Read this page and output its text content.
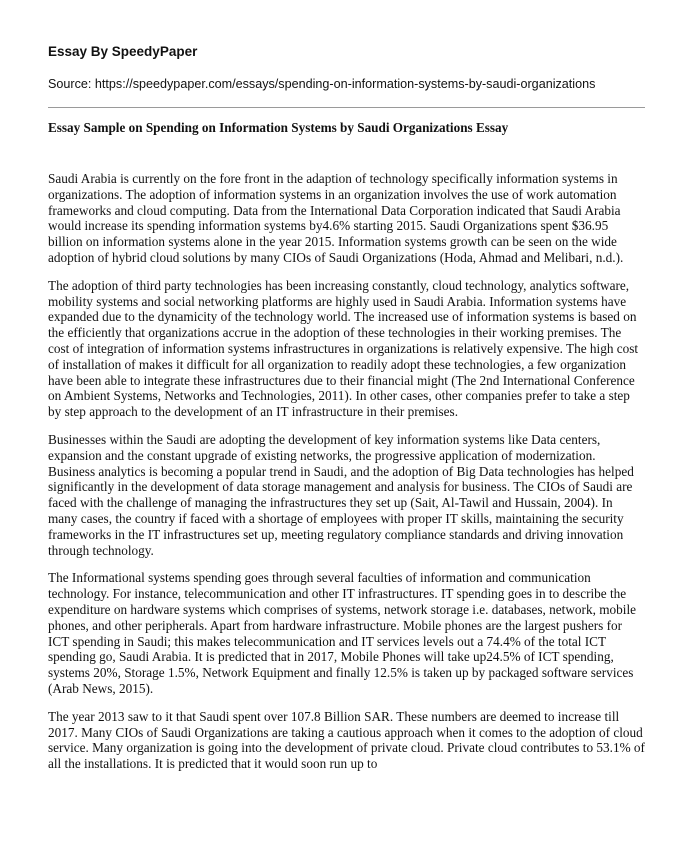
Essay By SpeedyPaper
Source: https://speedypaper.com/essays/spending-on-information-systems-by-saudi-organizations
Essay Sample on Spending on Information Systems by Saudi Organizations Essay

Saudi Arabia is currently on the fore front in the adaption of technology specifically information systems in organizations. The adoption of information systems in an organization involves the use of work automation frameworks and cloud computing. Data from the International Data Corporation indicated that Saudi Arabia would increase its spending information systems by4.6% starting 2015. Saudi Organizations spent $36.95 billion on information systems alone in the year 2015. Information systems growth can be seen on the wide adoption of hybrid cloud solutions by many CIOs of Saudi Organizations (Hoda, Ahmad and Melibari, n.d.).

The adoption of third party technologies has been increasing constantly, cloud technology, analytics software, mobility systems and social networking platforms are highly used in Saudi Arabia. Information systems have expanded due to the dynamicity of the technology world. The increased use of information systems is based on the efficiently that organizations accrue in the adoption of these technologies in their working premises. The cost of integration of information systems infrastructures in organizations is relatively expensive. The high cost of installation of makes it difficult for all organization to readily adopt these technologies, a few organization have been able to integrate these infrastructures due to their financial might (The 2nd International Conference on Ambient Systems, Networks and Technologies, 2011). In other cases, other companies prefer to take a step by step approach to the development of an IT infrastructure in their premises.

Businesses within the Saudi are adopting the development of key information systems like Data centers, expansion and the constant upgrade of existing networks, the progressive application of modernization. Business analytics is becoming a popular trend in Saudi, and the adoption of Big Data technologies has helped significantly in the development of data storage management and analysis for business. The CIOs of Saudi are faced with the challenge of managing the infrastructures they set up (Sait, Al-Tawil and Hussain, 2004). In many cases, the country if faced with a shortage of employees with proper IT skills, maintaining the security frameworks in the IT infrastructures set up, meeting regulatory compliance standards and driving innovation through technology.

The Informational systems spending goes through several faculties of information and communication technology. For instance, telecommunication and other IT infrastructures. IT spending goes in to describe the expenditure on hardware systems which comprises of systems, network storage i.e. databases, network, mobile phones, and other peripherals. Apart from hardware infrastructure. Mobile phones are the largest pushers for ICT spending in Saudi; this makes telecommunication and IT services levels out a 74.4% of the total ICT spending go, Saudi Arabia. It is predicted that in 2017, Mobile Phones will take up24.5% of ICT spending, systems 20%, Storage 1.5%, Network Equipment and finally 12.5% is taken up by packaged software services (Arab News, 2015).

The year 2013 saw to it that Saudi spent over 107.8 Billion SAR. These numbers are deemed to increase till 2017. Many CIOs of Saudi Organizations are taking a cautious approach when it comes to the adoption of cloud service. Many organization is going into the development of private cloud. Private cloud contributes to 53.1% of all the installations. It is predicted that it would soon run up to
